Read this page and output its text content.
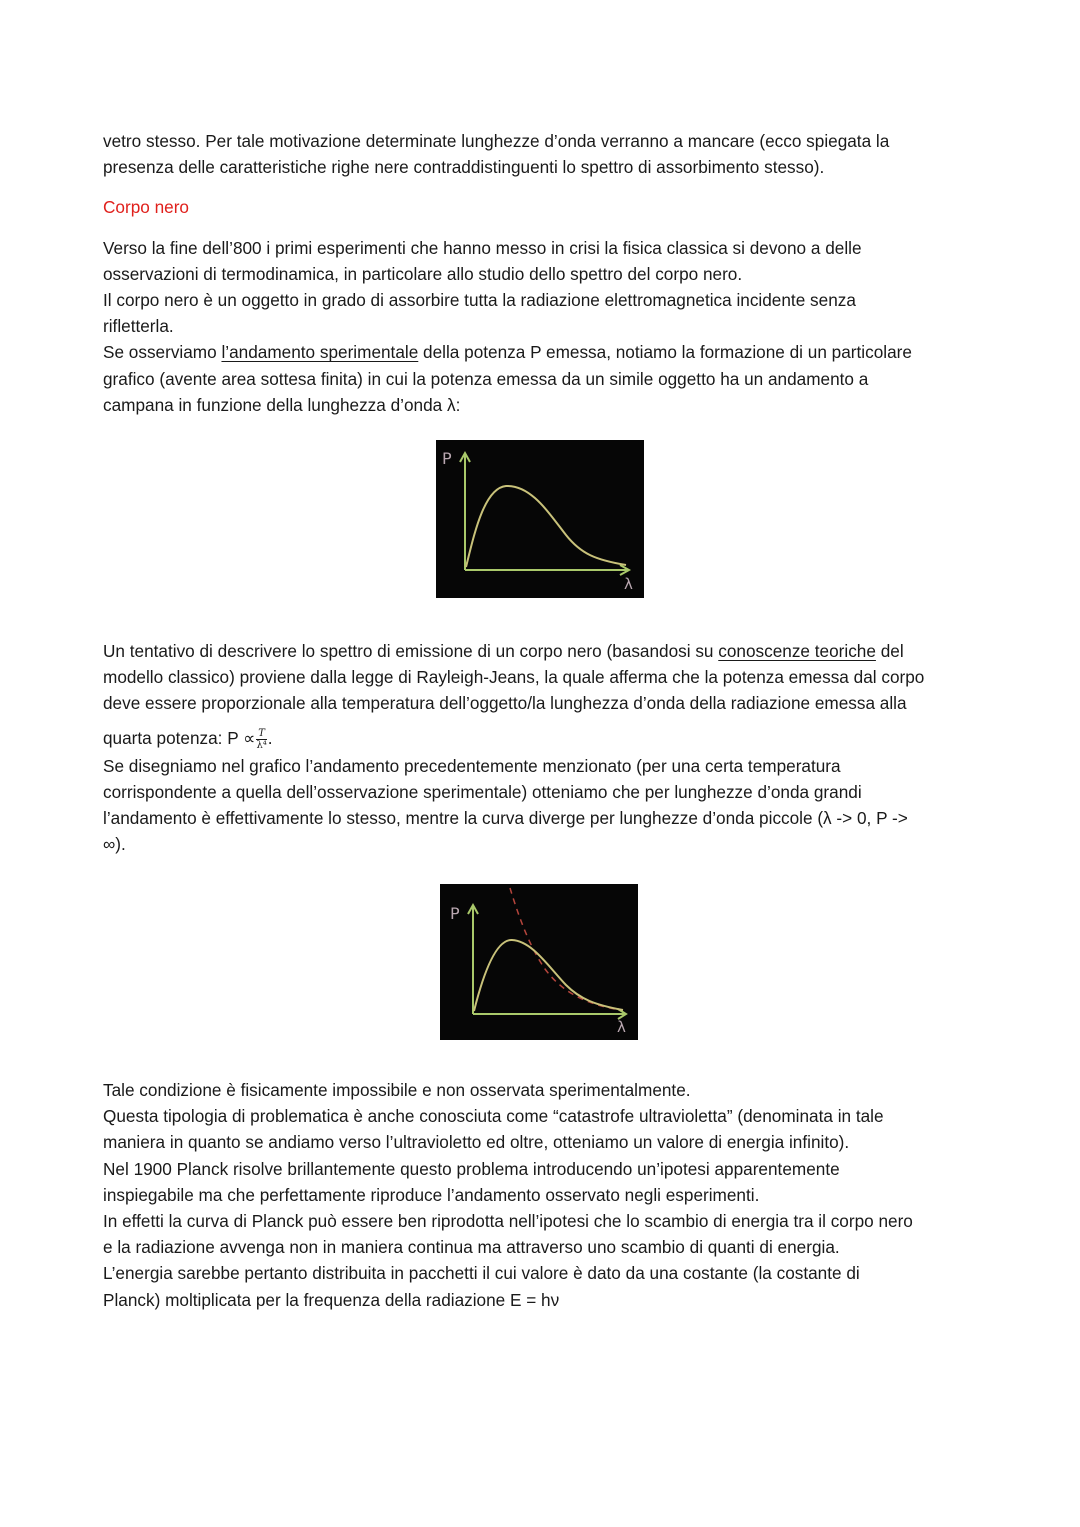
vetro stesso. Per tale motivazione determinate lunghezze d’onda verranno a mancare (ecco spiegata la

presenza delle caratteristiche righe nere contraddistinguenti lo spettro di assorbimento stesso).

Corpo nero

Verso la fine dell’800 i primi esperimenti che hanno messo in crisi la fisica classica si devono a delle

osservazioni di termodinamica, in particolare allo studio dello spettro del corpo nero.

Il corpo nero è un oggetto in grado di assorbire tutta la radiazione elettromagnetica incidente senza

rifletterla.

Se osserviamo l’andamento sperimentale della potenza P emessa, notiamo la formazione di un particolare

grafico (avente area sottesa finita) in cui la potenza emessa da un simile oggetto ha un andamento a

campana in funzione della lunghezza d’onda λ:

P
λ

Un tentativo di descrivere lo spettro di emissione di un corpo nero (basandosi su conoscenze teoriche del

modello classico) proviene dalla legge di Rayleigh-Jeans, la quale afferma che la potenza emessa dal corpo

deve essere proporzionale alla temperatura dell’oggetto/la lunghezza d’onda della radiazione emessa alla

quarta potenza: $P \propto \frac{T}{\text{λ⁴}}$ .

Se disegniamo nel grafico l’andamento precedentemente menzionato (per una certa temperatura

corrispondente a quella dell’osservazione sperimentale) otteniamo che per lunghezze d’onda grandi

l’andamento è effettivamente lo stesso, mentre la curva diverge per lunghezze d’onda piccole (λ -> 0, P ->

∞).

P
λ

Tale condizione è fisicamente impossibile e non osservata sperimentalmente.

Questa tipologia di problematica è anche conosciuta come “catastrofe ultravioletta” (denominata in tale

maniera in quanto se andiamo verso l’ultravioletto ed oltre, otteniamo un valore di energia infinito).

Nel 1900 Planck risolve brillantemente questo problema introducendo un’ipotesi apparentemente

inspiegabile ma che perfettamente riproduce l’andamento osservato negli esperimenti.

In effetti la curva di Planck può essere ben riprodotta nell’ipotesi che lo scambio di energia tra il corpo nero

e la radiazione avvenga non in maniera continua ma attraverso uno scambio di quanti di energia.

L’energia sarebbe pertanto distribuita in pacchetti il cui valore è dato da una costante (la costante di

Planck) moltiplicata per la frequenza della radiazione E = hν
